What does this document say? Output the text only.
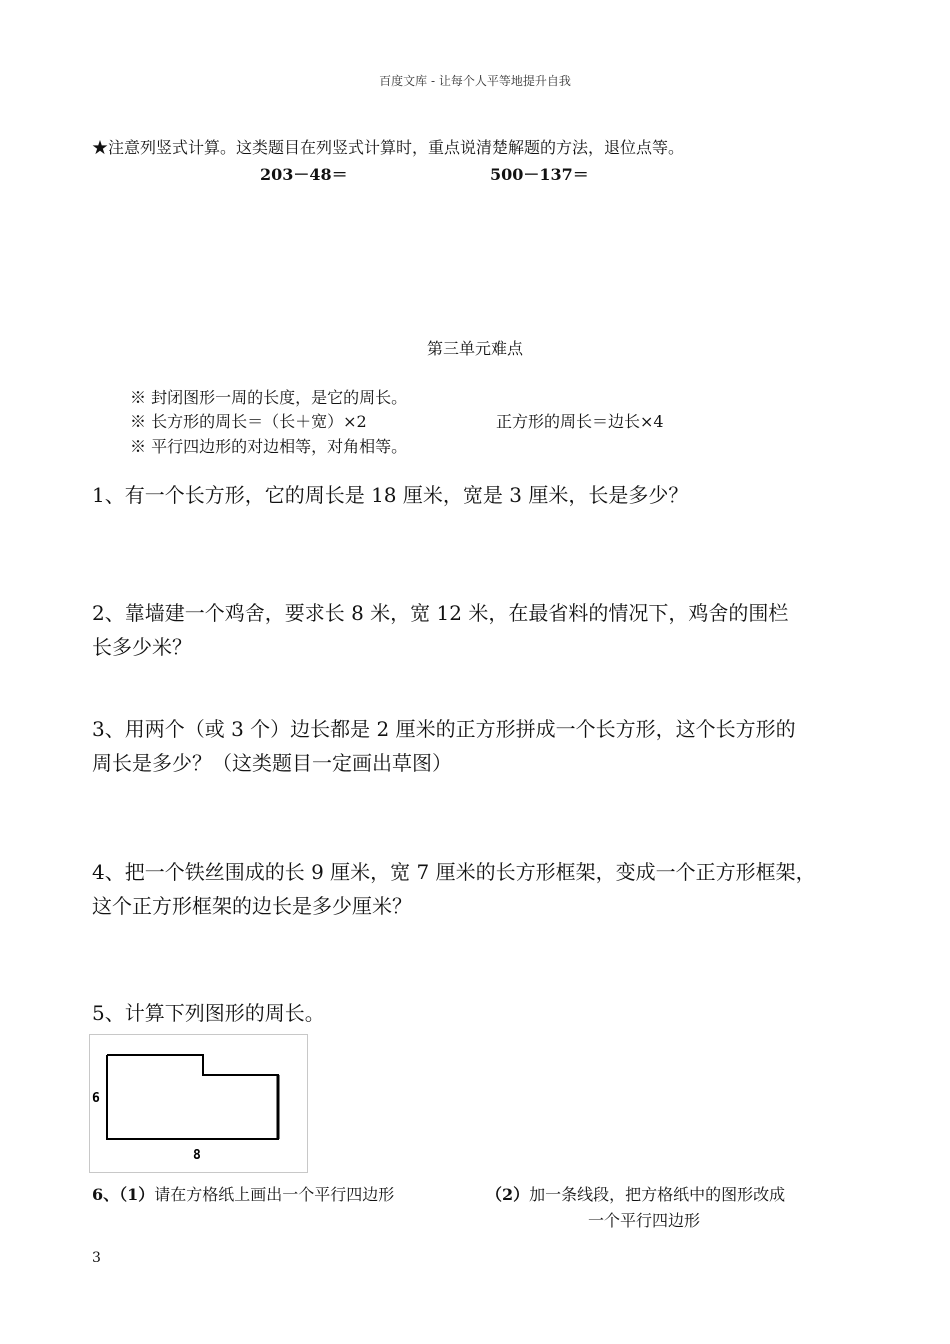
百度文库 - 让每个人平等地提升自我
★注意列竖式计算。这类题目在列竖式计算时，重点说清楚解题的方法，退位点等。
203－48＝	500－137＝
第三单元难点
※ 封闭图形一周的长度，是它的周长。
※ 长方形的周长＝（长＋宽）×2	正方形的周长＝边长×4
※ 平行四边形的对边相等，对角相等。
1、有一个长方形，它的周长是 18 厘米，宽是 3 厘米，长是多少？
2、靠墙建一个鸡舍，要求长 8 米，宽 12 米，在最省料的情况下，鸡舍的围栏
长多少米？
3、用两个（或 3 个）边长都是 2 厘米的正方形拼成一个长方形，这个长方形的
周长是多少？（这类题目一定画出草图）
4、把一个铁丝围成的长 9 厘米，宽 7 厘米的长方形框架，变成一个正方形框架，
这个正方形框架的边长是多少厘米？
5、计算下列图形的周长。
6
8
6、（1）请在方格纸上画出一个平行四边形	（2）加一条线段，把方格纸中的图形改成
一个平行四边形
3
